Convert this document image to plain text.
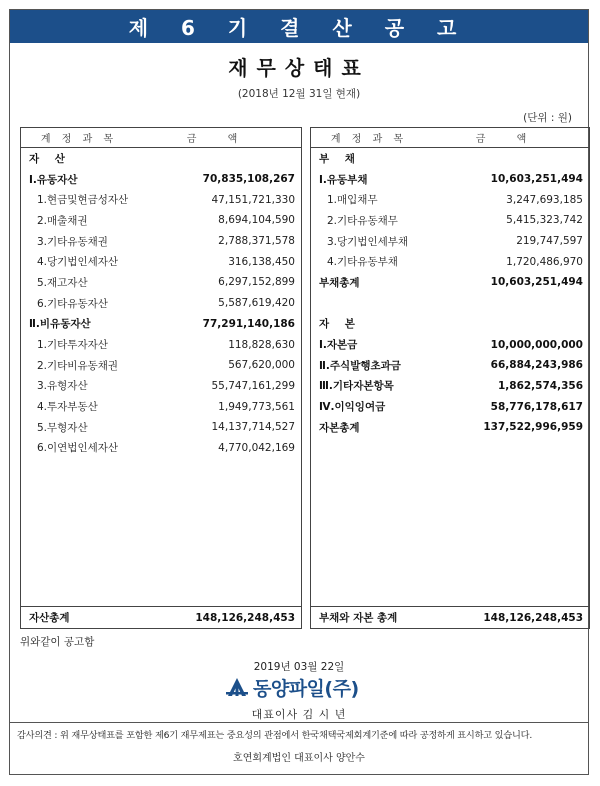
제 6 기 결 산 공 고
재무상태표
(2018년 12월 31일 현재)
(단위 : 원)
계 정 과 목	금 액
자 산
Ⅰ.유동자산	70,835,108,267
1.현금및현금성자산	47,151,721,330
2.매출채권	8,694,104,590
3.기타유동채권	2,788,371,578
4.당기법인세자산	316,138,450
5.재고자산	6,297,152,899
6.기타유동자산	5,587,619,420
Ⅱ.비유동자산	77,291,140,186
1.기타투자자산	118,828,630
2.기타비유동채권	567,620,000
3.유형자산	55,747,161,299
4.투자부동산	1,949,773,561
5.무형자산	14,137,714,527
6.이연법인세자산	4,770,042,169
자산총계	148,126,248,453
계 정 과 목	금 액
부 채
Ⅰ.유동부채	10,603,251,494
1.매입채무	3,247,693,185
2.기타유동채무	5,415,323,742
3.당기법인세부채	219,747,597
4.기타유동부채	1,720,486,970
부채총계	10,603,251,494
자 본
Ⅰ.자본금	10,000,000,000
Ⅱ.주식발행초과금	66,884,243,986
Ⅲ.기타자본항목	1,862,574,356
Ⅳ.이익잉여금	58,776,178,617
자본총계	137,522,996,959
부채와 자본 총계	148,126,248,453
위와같이 공고함
2019년 03월 22일
동양파일(주)
대표이사 김 시 년
감사의견 : 위 재무상태표를 포함한 제6기 재무제표는 중요성의 관점에서 한국채택국제회계기준에 따라 공정하게 표시하고 있습니다.
호연회계법인 대표이사 양안수
